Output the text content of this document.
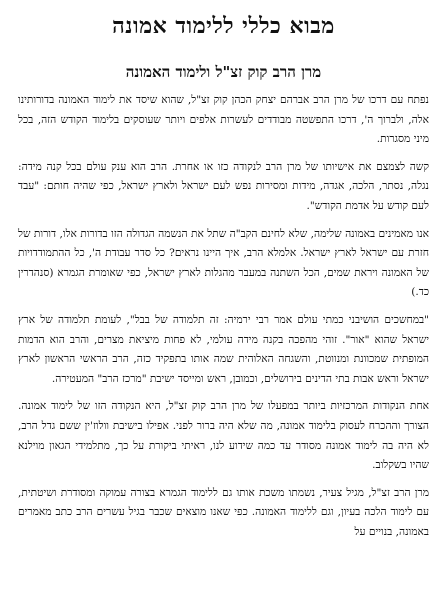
מבוא כללי ללימוד אמונה
מרן הרב קוק זצ"ל ולימוד האמונה

נפתח עם דרכו של מרן הרב אברהם יצחק הכהן קוק זצ"ל, שהוא שיסד את לימוד האמונה בדורותינו אלה, ולברוך ה', דרכו התפשטה מבודדים לעשרות אלפים ויותר שעוסקים בלימוד הקודש הזה, בכל מיני מסגרות.

קשה לצמצם את אישיותו של מרן הרב לנקודה כזו או אחרת. הרב הוא ענק עולם בכל קנה מידה: נגלה, נסתר, הלכה, אגדה, מידות ומסירות נפש לעם ישראל ולארץ ישראל, כפי שהיה חותם: "עבד לעם קודש על אדמת הקודש".

אנו מאמינים באמונה שלימה, שלא לחינם הקב"ה שתל את הנשמה הגדולה הזו בדורות אלו, דורות של חזרת עם ישראל לארץ ישראל. אלמלא הרב, איך היינו נראים? כל סדר עבודת ה', כל ההתמודדויות של האמונה ויראת שמים, הכל השתנה במעבר מהגלות לארץ ישראל, כפי שאומרת הגמרא (סנהדרין כד.)

"במחשכים הושיבני כמתי עולם אמר רבי ירמיה: זה תלמודה של בבל", לעומת תלמודה של ארץ ישראל שהוא "אור". זוהי מהפכה בקנה מידה עולמי, לא פחות מיציאת מצרים, והרב הוא הדמות המופתית שמכוונת ומנווטת, והשגחה האלוהית שמה אותו בתפקיד כזה, הרב הראשי הראשון לארץ ישראל וראש אבות בתי הדינים בירושלים, וכמובן, ראש ומייסד ישיבת "מרכז הרב" המעטירה.

אחת הנקודות המרכזיות ביותר במפעלו של מרן הרב קוק זצ"ל, היא הנקודה הזו של לימוד אמונה. הצורך וההכרח לעסוק בלימוד אמונה, מה שלא היה ברור לפני. אפילו בישיבת וולוז'ין ששם גדל הרב, לא היה בה לימוד אמונה מסודר עד כמה שידוע לנו, ראיתי ביקורת על כך, מתלמידי הגאון מוילנא שהיו בשקלוב.

מרן הרב זצ"ל, מגיל צעיר, נשמתו משכת אותו גם ללימוד הגמרא בצורה עמוקה ומסודרת ושיטתית, עם לימוד הלכה בעיון, וגם ללימוד האמונה. כפי שאנו מוצאים שכבר בגיל עשרים הרב כתב מאמרים באמונה, בנויים על
